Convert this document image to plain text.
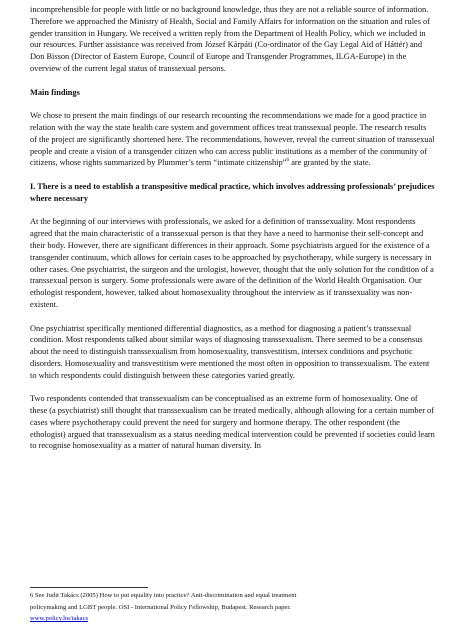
incomprehensible for people with little or no background knowledge, thus they are not a reliable source of information. Therefore we approached the Ministry of Health, Social and Family Affairs for information on the situation and rules of gender transition in Hungary. We received a written reply from the Department of Health Policy, which we included in our resources. Further assistance was received from József Kárpáti (Co-ordinator of the Gay Legal Aid of Háttér) and Don Bisson (Director of Eastern Europe, Council of Europe and Transgender Programmes, ILGA-Europe) in the overview of the current legal status of transsexual persons.

Main findings

We chose to present the main findings of our research recounting the recommendations we made for a good practice in relation with the way the state health care system and government offices treat transsexual people. The research results of the project are significantly shortened here. The recommendations, however, reveal the current situation of transsexual people and create a vision of a transgender citizen who can access public institutions as a member of the community of citizens, whose rights summarized by Plummer’s term “intimate citizenship”$^6$ are granted by the state.

I. There is a need to establish a transpositive medical practice, which involves addressing professionals’ prejudices where necessary

At the beginning of our interviews with professionals, we asked for a definition of transsexuality. Most respondents agreed that the main characteristic of a transsexual person is that they have a need to harmonise their self-concept and their body. However, there are significant differences in their approach. Some psychiatrists argued for the existence of a transgender continuum, which allows for certain cases to be approached by psychotherapy, while surgery is necessary in other cases. One psychiatrist, the surgeon and the urologist, however, thought that the only solution for the condition of a transsexual person is surgery. Some professionals were aware of the definition of the World Health Organisation. Our ethologist respondent, however, talked about homosexuality throughout the interview as if transsexuality was non-existent.

One psychiatrist specifically mentioned differential diagnostics, as a method for diagnosing a patient’s transsexual condition. Most respondents talked about similar ways of diagnosing transsexualism. There seemed to be a consensus about the need to distinguish transsexualism from homosexuality, transvestitism, intersex conditions and psychotic disorders. Homosexuality and transvestitism were mentioned the most often in opposition to transsexualism. The extent to which respondents could distinguish between these categories varied greatly.

Two respondents contended that transsexualism can be conceptualised as an extreme form of homosexuality. One of these (a psychiatrist) still thought that transsexualism can be treated medically, although allowing for a certain number of cases where psychotherapy could prevent the need for surgery and hormone therapy. The other respondent (the ethologist) argued that transsexualism as a status needing medical intervention could be prevented if societies could learn to recognise homosexuality as a matter of natural human diversity. In

6 See Judit Takács (2005) How to put equality into practice? Anti-discrimination and equal treatment

policymaking and LGBT people. OSI - International Policy Fellowship, Budapest. Research paper.

www.policy.hu/takacs
